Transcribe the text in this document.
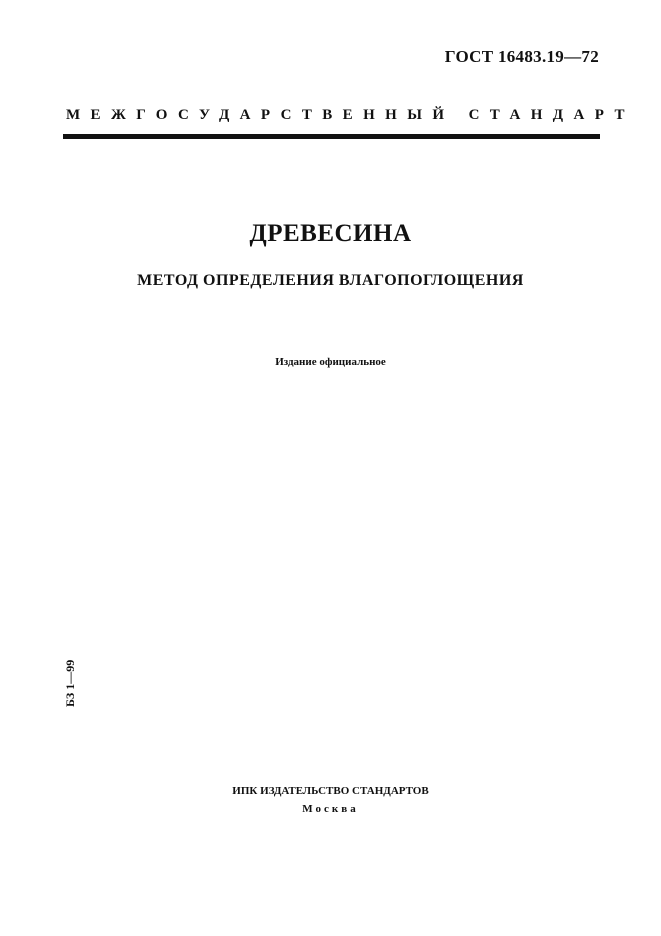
ГОСТ 16483.19—72
МЕЖГОСУДАРСТВЕННЫЙ СТАНДАРТ
ДРЕВЕСИНА
МЕТОД ОПРЕДЕЛЕНИЯ ВЛАГОПОГЛОЩЕНИЯ
Издание официальное
БЗ 1—99
ИПК ИЗДАТЕЛЬСТВО СТАНДАРТОВ
Москва
